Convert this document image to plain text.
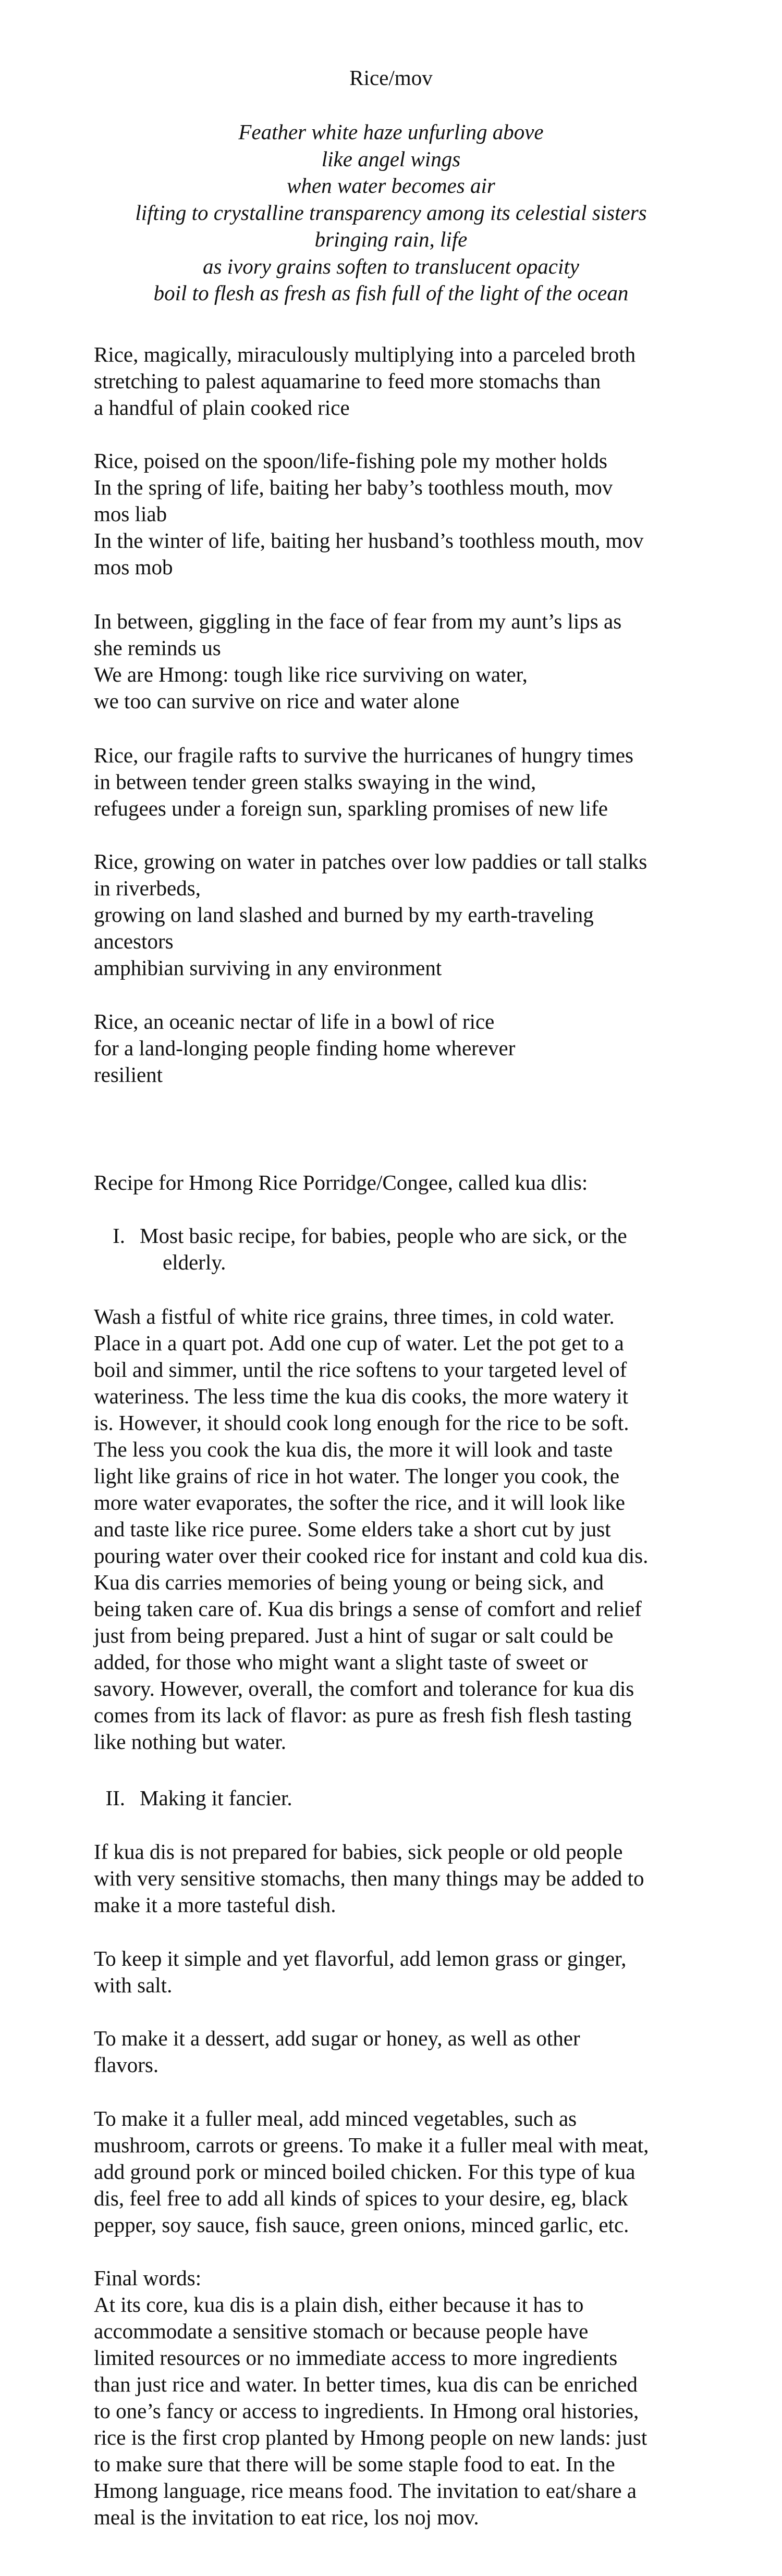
Rice/mov

Feather white haze unfurling above
like angel wings
when water becomes air
lifting to crystalline transparency among its celestial sisters
bringing rain, life
as ivory grains soften to translucent opacity
boil to flesh as fresh as fish full of the light of the ocean
Rice, magically, miraculously multiplying into a parceled broth
stretching to palest aquamarine to feed more stomachs than
a handful of plain cooked rice
Rice, poised on the spoon/life-fishing pole my mother holds
In the spring of life, baiting her baby’s toothless mouth, mov
mos liab
In the winter of life, baiting her husband’s toothless mouth, mov
mos mob
In between, giggling in the face of fear from my aunt’s lips as
she reminds us
We are Hmong: tough like rice surviving on water,
we too can survive on rice and water alone
Rice, our fragile rafts to survive the hurricanes of hungry times
in between tender green stalks swaying in the wind,
refugees under a foreign sun, sparkling promises of new life
Rice, growing on water in patches over low paddies or tall stalks
in riverbeds,
growing on land slashed and burned by my earth-traveling
ancestors
amphibian surviving in any environment
Rice, an oceanic nectar of life in a bowl of rice
for a land-longing people finding home wherever
resilient

Recipe for Hmong Rice Porridge/Congee, called kua dlis:

I. Most basic recipe, for babies, people who are sick, or the
elderly.
Wash a fistful of white rice grains, three times, in cold water.
Place in a quart pot. Add one cup of water. Let the pot get to a
boil and simmer, until the rice softens to your targeted level of
wateriness. The less time the kua dis cooks, the more watery it
is. However, it should cook long enough for the rice to be soft.
The less you cook the kua dis, the more it will look and taste
light like grains of rice in hot water. The longer you cook, the
more water evaporates, the softer the rice, and it will look like
and taste like rice puree. Some elders take a short cut by just
pouring water over their cooked rice for instant and cold kua dis.
Kua dis carries memories of being young or being sick, and
being taken care of. Kua dis brings a sense of comfort and relief
just from being prepared. Just a hint of sugar or salt could be
added, for those who might want a slight taste of sweet or
savory. However, overall, the comfort and tolerance for kua dis
comes from its lack of flavor: as pure as fresh fish flesh tasting
like nothing but water.
II. Making it fancier.
If kua dis is not prepared for babies, sick people or old people
with very sensitive stomachs, then many things may be added to
make it a more tasteful dish.
To keep it simple and yet flavorful, add lemon grass or ginger,
with salt.
To make it a dessert, add sugar or honey, as well as other
flavors.
To make it a fuller meal, add minced vegetables, such as
mushroom, carrots or greens. To make it a fuller meal with meat,
add ground pork or minced boiled chicken. For this type of kua
dis, feel free to add all kinds of spices to your desire, eg, black
pepper, soy sauce, fish sauce, green onions, minced garlic, etc.
Final words:
At its core, kua dis is a plain dish, either because it has to
accommodate a sensitive stomach or because people have
limited resources or no immediate access to more ingredients
than just rice and water. In better times, kua dis can be enriched
to one’s fancy or access to ingredients. In Hmong oral histories,
rice is the first crop planted by Hmong people on new lands: just
to make sure that there will be some staple food to eat. In the
Hmong language, rice means food. The invitation to eat/share a
meal is the invitation to eat rice, los noj mov.
